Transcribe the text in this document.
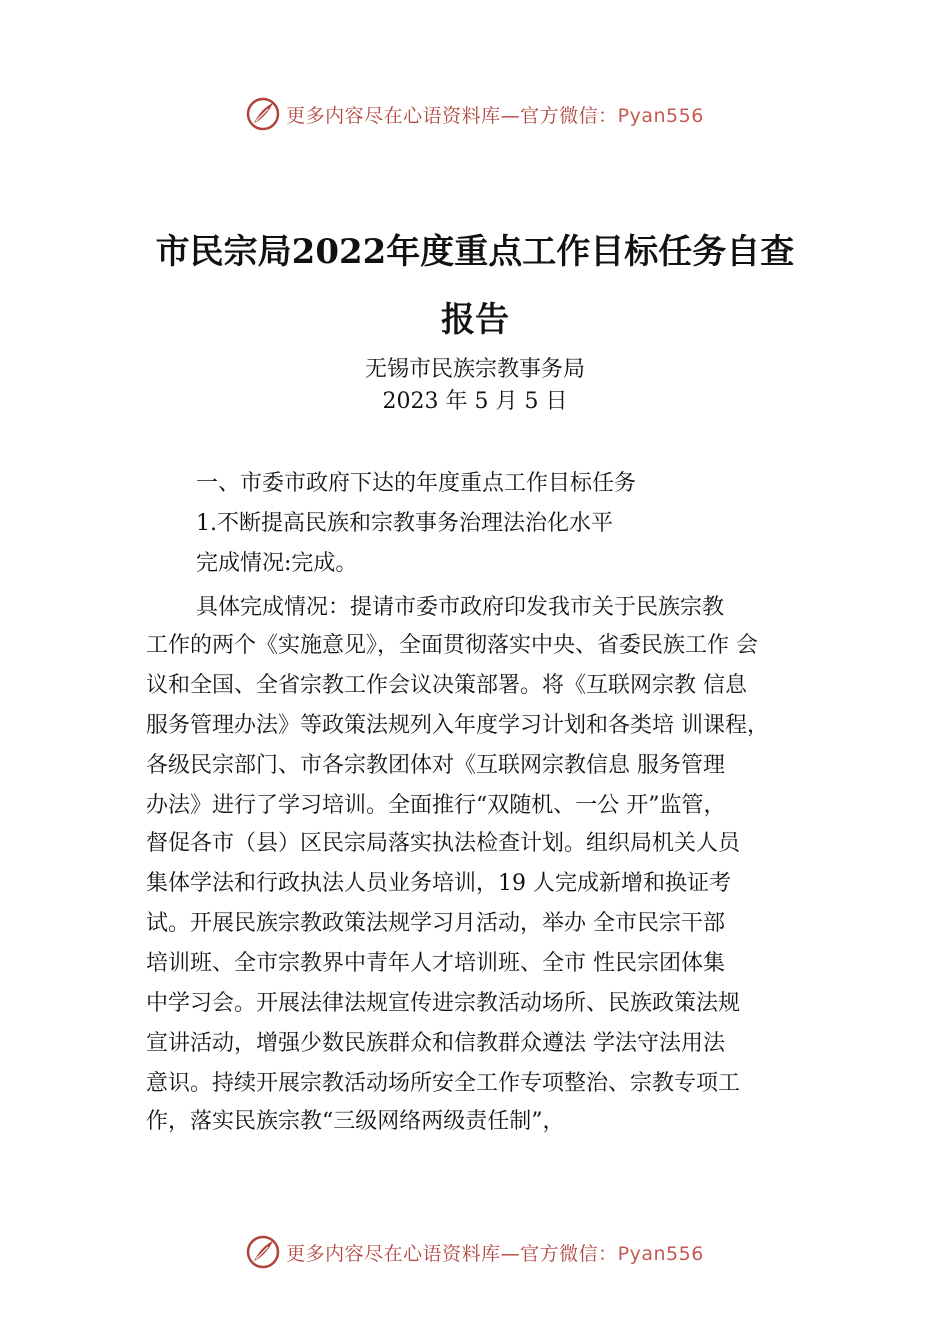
更多内容尽在心语资料库—官方微信：Pyan556
市民宗局2022年度重点工作目标任务自查
报告
无锡市民族宗教事务局
2023 年 5 月 5 日
一、市委市政府下达的年度重点工作目标任务
1.不断提高民族和宗教事务治理法治化水平
完成情况:完成。
具体完成情况：提请市委市政府印发我市关于民族宗教
工作的两个《实施意见》，全面贯彻落实中央、省委民族工作 会
议和全国、全省宗教工作会议决策部署。将《互联网宗教 信息
服务管理办法》等政策法规列入年度学习计划和各类培 训课程，
各级民宗部门、市各宗教团体对《互联网宗教信息 服务管理
办法》进行了学习培训。全面推行“双随机、一公 开”监管，
督促各市（县）区民宗局落实执法检查计划。组织局机关人员
集体学法和行政执法人员业务培训，19 人完成新增和换证考
试。开展民族宗教政策法规学习月活动，举办 全市民宗干部
培训班、全市宗教界中青年人才培训班、全市 性民宗团体集
中学习会。开展法律法规宣传进宗教活动场所、民族政策法规
宣讲活动，增强少数民族群众和信教群众遵法 学法守法用法
意识。持续开展宗教活动场所安全工作专项整治、宗教专项工
作，落实民族宗教“三级网络两级责任制”，
更多内容尽在心语资料库—官方微信：Pyan556
